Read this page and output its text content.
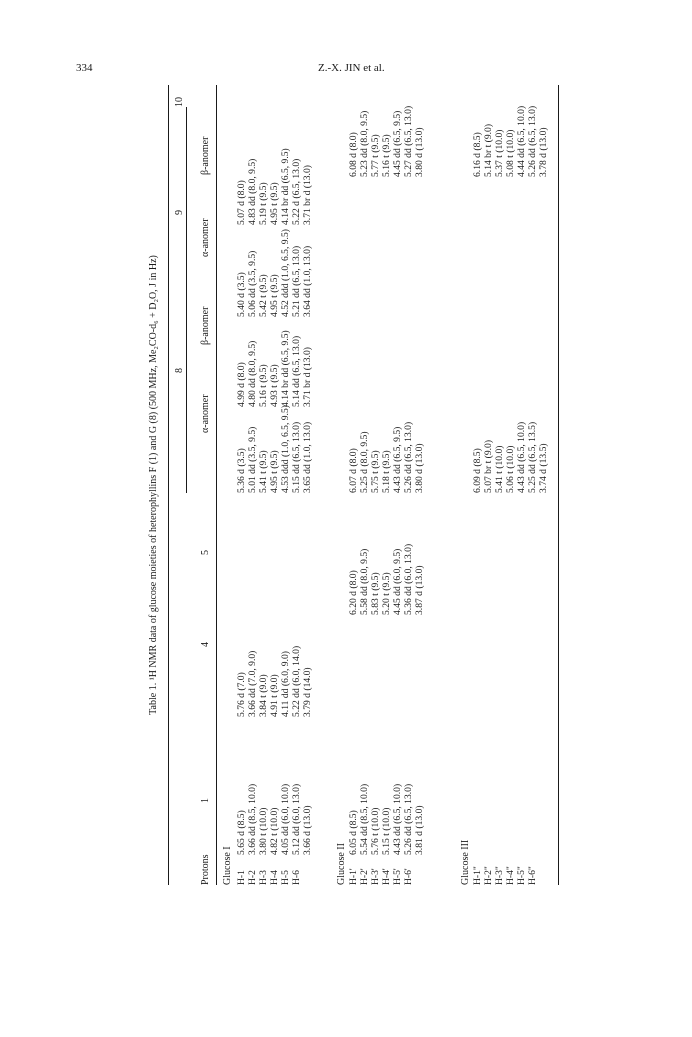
334	Z.-X. JIN et al.
Table 1. ¹H NMR data of glucose moieties of heterophyllins F (1) and G (8) (500 MHz, Me₂CO-d₆ + D₂O, J in Hz) 8
9
Protons
1
4
5
α-anomer
β-anomer
α-anomer
β-anomer
10
Glucose I H-1 H-2 H-3 H-4 H-5 H-6
5.65 d (8.5) 3.66 dd (8.5, 10.0) 3.80 t (10.0) 4.82 t (10.0) 4.05 dd (6.0, 10.0) 5.12 dd (6.0, 13.0) 3.66 d (13.0)
5.76 d (7.0) 3.66 dd (7.0, 9.0) 3.84 t (9.0) 4.91 t (9.0) 4.11 dd (6.0, 9.0) 5.22 dd (6.0, 14.0) 3.79 d (14.0)
5.36 d (3.5) 5.01 dd (3.5, 9.5) 5.41 t (9.5) 4.95 t (9.5) 4.53 ddd (1.0, 6.5, 9.5) 5.15 dd (6.5, 13.0) 3.65 dd (1.0, 13.0)
4.99 d (8.0) 4.80 dd (8.0, 9.5) 5.16 t (9.5) 4.93 t (9.5) 4.14 br dd (6.5, 9.5) 5.14 dd (6.5, 13.0) 3.71 br d (13.0)
5.40 d (3.5) 5.06 dd (3.5, 9.5) 5.42 t (9.5) 4.95 t (9.5) 4.52 ddd (1.0, 6.5, 9.5) 5.21 dd (6.5, 13.0) 3.64 dd (1.0, 13.0)
5.07 d (8.0) 4.83 dd (8.0, 9.5) 5.19 t (9.5) 4.95 t (9.5) 4.14 br dd (6.5, 9.5) 5.22 d (6.5, 13.0) 3.71 br d (13.0)
Glucose II H-1' H-2' H-3' H-4' H-5' H-6'
6.05 d (8.5) 5.54 dd (8.5, 10.0) 5.76 t (10.0) 5.15 t (10.0) 4.43 dd (6.5, 10.0) 5.26 dd (6.5, 13.0) 3.81 d (13.0)
6.20 d (8.0) 5.58 dd (8.0, 9.5) 5.83 t (9.5) 5.20 t (9.5) 4.45 dd (6.0, 9.5) 5.36 dd (6.0, 13.0) 3.87 d (13.0)
6.07 d (8.0) 5.25 d (8.0, 9.5) 5.75 t (9.5) 5.18 t (9.5) 4.43 dd (6.5, 9.5) 5.26 dd (6.5, 13.0) 3.80 d (13.0)
6.08 d (8.0) 5.23 dd (8.0, 9.5) 5.77 t (9.5) 5.16 t (9.5) 4.45 dd (6.5, 9.5) 5.27 dd (6.5, 13.0) 3.80 d (13.0)
Glucose III H-1" H-2" H-3" H-4" H-5" H-6"
6.09 d (8.5) 5.07 br t (9.0) 5.41 t (10.0) 5.06 t (10.0) 4.43 dd (6.5, 10.0) 5.25 dd (6.5, 13.5) 3.74 d (13.5)
6.16 d (8.5) 5.14 br t (9.0) 5.37 t (10.0) 5.08 t (10.0) 4.44 dd (6.5, 10.0) 5.26 dd (6.5, 13.0) 3.78 d (13.0)
